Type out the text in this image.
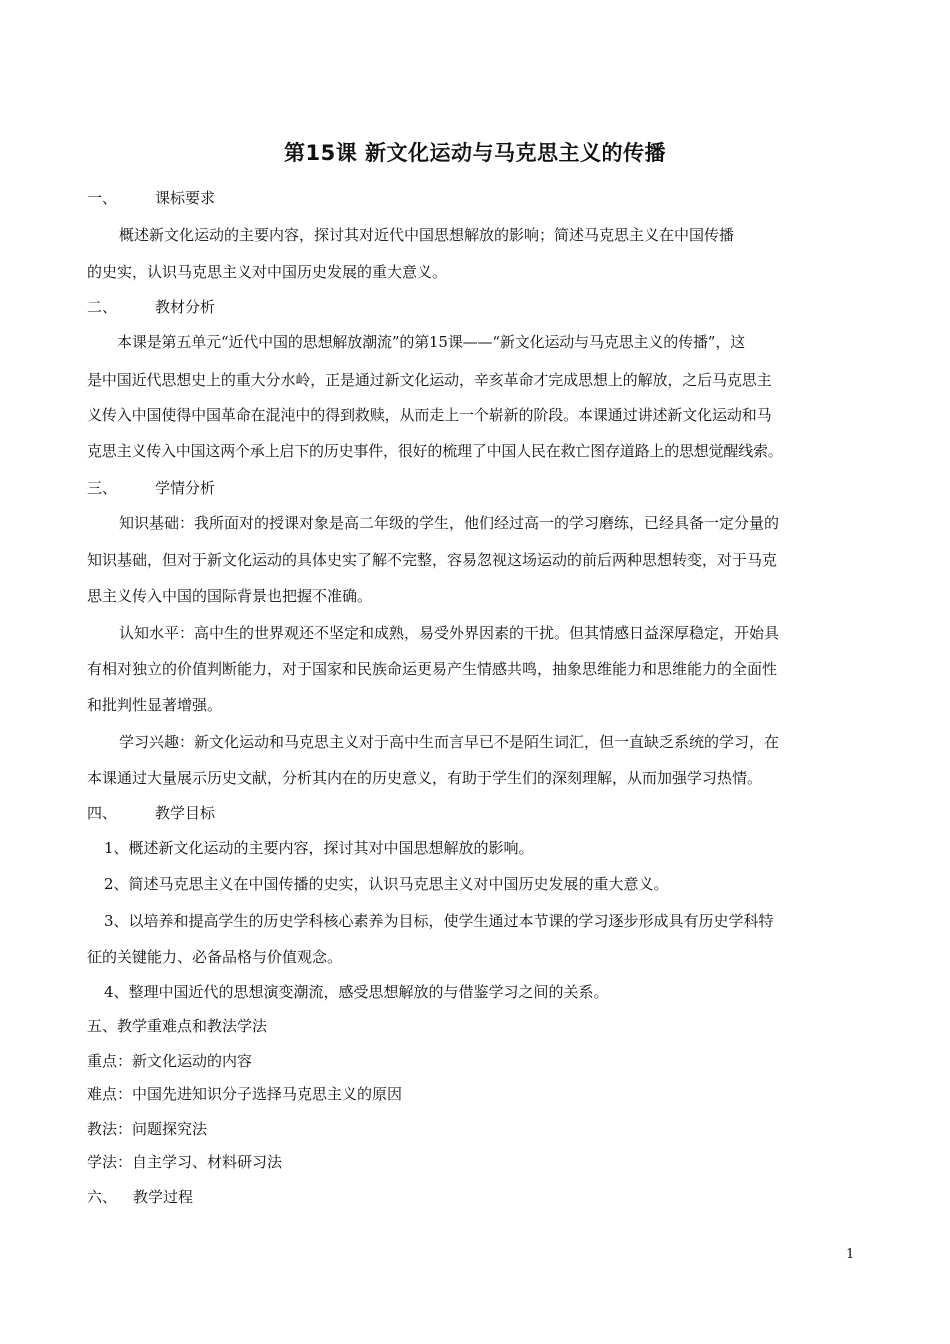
第15课 新文化运动与马克思主义的传播
一、	课标要求
概述新文化运动的主要内容，探讨其对近代中国思想解放的影响；简述马克思主义在中国传播
的史实，认识马克思主义对中国历史发展的重大意义。
二、	教材分析
本课是第五单元“近代中国的思想解放潮流”的第15课——“新文化运动与马克思主义的传播”，这
是中国近代思想史上的重大分水岭，正是通过新文化运动，辛亥革命才完成思想上的解放，之后马克思主
义传入中国使得中国革命在混沌中的得到救赎，从而走上一个崭新的阶段。本课通过讲述新文化运动和马
克思主义传入中国这两个承上启下的历史事件，很好的梳理了中国人民在救亡图存道路上的思想觉醒线索。
三、	学情分析
知识基础：我所面对的授课对象是高二年级的学生，他们经过高一的学习磨练，已经具备一定分量的
知识基础，但对于新文化运动的具体史实了解不完整，容易忽视这场运动的前后两种思想转变，对于马克
思主义传入中国的国际背景也把握不准确。
认知水平：高中生的世界观还不坚定和成熟，易受外界因素的干扰。但其情感日益深厚稳定，开始具
有相对独立的价值判断能力，对于国家和民族命运更易产生情感共鸣，抽象思维能力和思维能力的全面性
和批判性显著增强。
学习兴趣：新文化运动和马克思主义对于高中生而言早已不是陌生词汇，但一直缺乏系统的学习，在
本课通过大量展示历史文献，分析其内在的历史意义，有助于学生们的深刻理解，从而加强学习热情。
四、	教学目标
1、概述新文化运动的主要内容，探讨其对中国思想解放的影响。
2、简述马克思主义在中国传播的史实，认识马克思主义对中国历史发展的重大意义。
3、以培养和提高学生的历史学科核心素养为目标，使学生通过本节课的学习逐步形成具有历史学科特
征的关键能力、必备品格与价值观念。
4、整理中国近代的思想演变潮流，感受思想解放的与借鉴学习之间的关系。
五、教学重难点和教法学法
重点：新文化运动的内容
难点：中国先进知识分子选择马克思主义的原因
教法：问题探究法
学法：自主学习、材料研习法
六、 教学过程
1
